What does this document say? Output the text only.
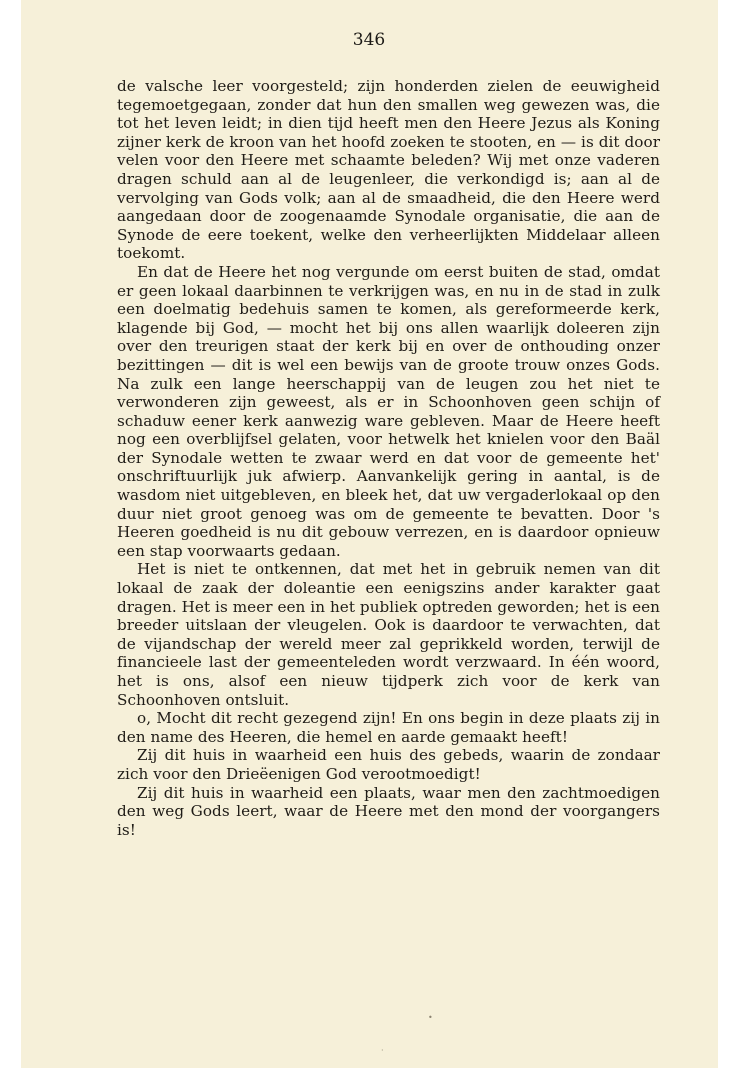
346

de valsche leer voorgesteld; zijn honderden zielen de eeuwigheid tegemoetgegaan, zonder dat hun den smallen weg gewezen was, die tot het leven leidt; in dien tijd heeft men den Heere Jezus als Koning zijner kerk de kroon van het hoofd zoeken te stooten, en — is dit door velen voor den Heere met schaamte beleden? Wij met onze vaderen dragen schuld aan al de leugenleer, die verkondigd is; aan al de vervolging van Gods volk; aan al de smaadheid, die den Heere werd aangedaan door de zoogenaamde Synodale organisatie, die aan de Synode de eere toekent, welke den verheerlijkten Middelaar alleen toekomt.

En dat de Heere het nog vergunde om eerst buiten de stad, omdat er geen lokaal daarbinnen te verkrijgen was, en nu in de stad in zulk een doelmatig bedehuis samen te komen, als gereformeerde kerk, klagende bij God, — mocht het bij ons allen waarlijk doleeren zijn over den treurigen staat der kerk bij en over de onthouding onzer bezittingen — dit is wel een bewijs van de groote trouw onzes Gods. Na zulk een lange heerschappij van de leugen zou het niet te verwonderen zijn geweest, als er in Schoonhoven geen schijn of schaduw eener kerk aanwezig ware gebleven. Maar de Heere heeft nog een overblijfsel gelaten, voor hetwelk het knielen voor den Baäl der Synodale wetten te zwaar werd en dat voor de gemeente het' onschriftuurlijk juk afwierp. Aanvankelijk gering in aantal, is de wasdom niet uitgebleven, en bleek het, dat uw vergaderlokaal op den duur niet groot genoeg was om de gemeente te bevatten. Door 's Heeren goedheid is nu dit gebouw verrezen, en is daardoor opnieuw een stap voorwaarts gedaan.

Het is niet te ontkennen, dat met het in gebruik nemen van dit lokaal de zaak der doleantie een eenigszins ander karakter gaat dragen. Het is meer een in het publiek optreden geworden; het is een breeder uitslaan der vleugelen. Ook is daardoor te verwachten, dat de vijandschap der wereld meer zal geprikkeld worden, terwijl de financieele last der gemeenteleden wordt verzwaard. In één woord, het is ons, alsof een nieuw tijdperk zich voor de kerk van Schoonhoven ontsluit.

o, Mocht dit recht gezegend zijn! En ons begin in deze plaats zij in den name des Heeren, die hemel en aarde gemaakt heeft!

Zij dit huis in waarheid een huis des gebeds, waarin de zondaar zich voor den Drieëenigen God verootmoedigt!

Zij dit huis in waarheid een plaats, waar men den zachtmoedigen den weg Gods leert, waar de Heere met den mond der voorgangers is!

•
·
